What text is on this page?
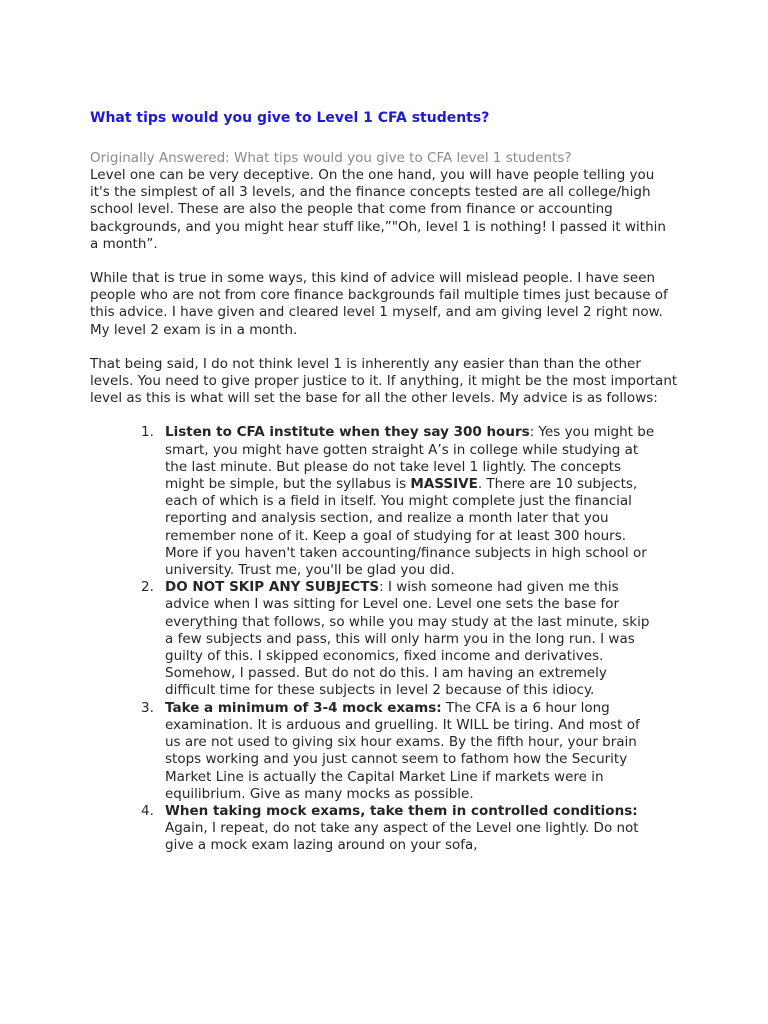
What tips would you give to Level 1 CFA students?
Originally Answered: What tips would you give to CFA level 1 students?

Level one can be very deceptive. On the one hand, you will have people telling you it's the simplest of all 3 levels, and the finance concepts tested are all college/high school level. These are also the people that come from finance or accounting backgrounds, and you might hear stuff like,”"Oh, level 1 is nothing! I passed it within a month”.

While that is true in some ways, this kind of advice will mislead people. I have seen people who are not from core finance backgrounds fail multiple times just because of this advice. I have given and cleared level 1 myself, and am giving level 2 right now. My level 2 exam is in a month.

That being said, I do not think level 1 is inherently any easier than than the other levels. You need to give proper justice to it. If anything, it might be the most important level as this is what will set the base for all the other levels. My advice is as follows:

1. Listen to CFA institute when they say 300 hours: Yes you might be smart, you might have gotten straight A’s in college while studying at the last minute. But please do not take level 1 lightly. The concepts might be simple, but the syllabus is MASSIVE. There are 10 subjects, each of which is a field in itself. You might complete just the financial reporting and analysis section, and realize a month later that you remember none of it. Keep a goal of studying for at least 300 hours. More if you haven't taken accounting/finance subjects in high school or university. Trust me, you'll be glad you did.
2. DO NOT SKIP ANY SUBJECTS: I wish someone had given me this advice when I was sitting for Level one. Level one sets the base for everything that follows, so while you may study at the last minute, skip a few subjects and pass, this will only harm you in the long run. I was guilty of this. I skipped economics, fixed income and derivatives. Somehow, I passed. But do not do this. I am having an extremely difficult time for these subjects in level 2 because of this idiocy.
3. Take a minimum of 3-4 mock exams: The CFA is a 6 hour long examination. It is arduous and gruelling. It WILL be tiring. And most of us are not used to giving six hour exams. By the fifth hour, your brain stops working and you just cannot seem to fathom how the Security Market Line is actually the Capital Market Line if markets were in equilibrium. Give as many mocks as possible.
4. When taking mock exams, take them in controlled conditions: Again, I repeat, do not take any aspect of the Level one lightly. Do not give a mock exam lazing around on your sofa,
